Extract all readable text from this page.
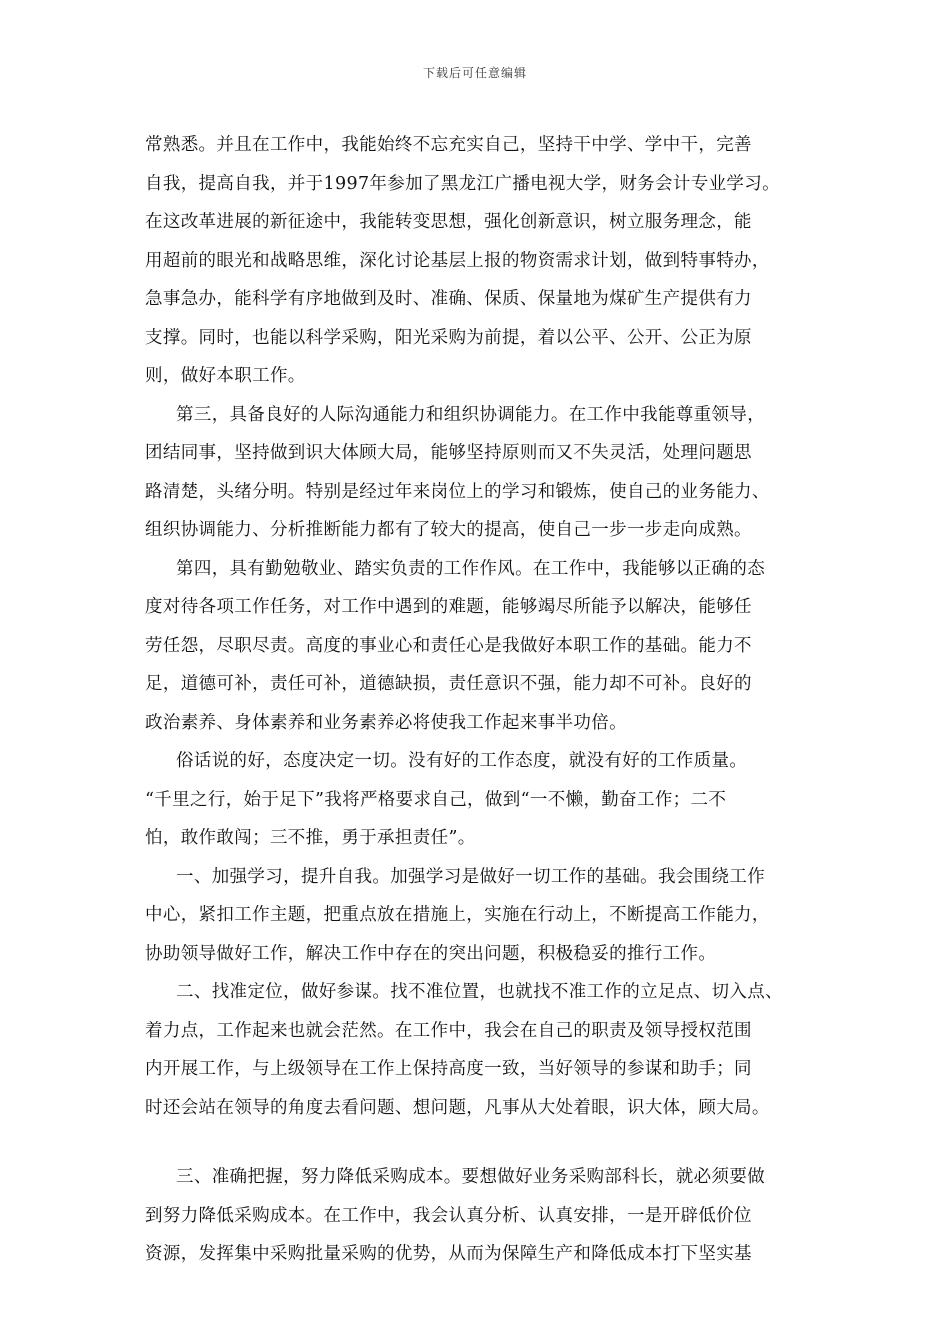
下载后可任意编辑
常熟悉。并且在工作中，我能始终不忘充实自己，坚持干中学、学中干，完善
自我，提高自我，并于1997年参加了黑龙江广播电视大学，财务会计专业学习。
在这改革进展的新征途中，我能转变思想，强化创新意识，树立服务理念，能
用超前的眼光和战略思维，深化讨论基层上报的物资需求计划，做到特事特办，
急事急办，能科学有序地做到及时、准确、保质、保量地为煤矿生产提供有力
支撑。同时，也能以科学采购，阳光采购为前提，着以公平、公开、公正为原
则，做好本职工作。
第三，具备良好的人际沟通能力和组织协调能力。在工作中我能尊重领导，
团结同事，坚持做到识大体顾大局，能够坚持原则而又不失灵活，处理问题思
路清楚，头绪分明。特别是经过年来岗位上的学习和锻炼，使自己的业务能力、
组织协调能力、分析推断能力都有了较大的提高，使自己一步一步走向成熟。
第四，具有勤勉敬业、踏实负责的工作作风。在工作中，我能够以正确的态
度对待各项工作任务，对工作中遇到的难题，能够竭尽所能予以解决，能够任
劳任怨，尽职尽责。高度的事业心和责任心是我做好本职工作的基础。能力不
足，道德可补，责任可补，道德缺损，责任意识不强，能力却不可补。良好的
政治素养、身体素养和业务素养必将使我工作起来事半功倍。
俗话说的好，态度决定一切。没有好的工作态度，就没有好的工作质量。
“千里之行，始于足下”我将严格要求自己，做到“一不懒，勤奋工作；二不
怕，敢作敢闯；三不推，勇于承担责任”。
一、加强学习，提升自我。加强学习是做好一切工作的基础。我会围绕工作
中心，紧扣工作主题，把重点放在措施上，实施在行动上，不断提高工作能力，
协助领导做好工作，解决工作中存在的突出问题，积极稳妥的推行工作。
二、找准定位，做好参谋。找不准位置，也就找不准工作的立足点、切入点、
着力点，工作起来也就会茫然。在工作中，我会在自己的职责及领导授权范围
内开展工作，与上级领导在工作上保持高度一致，当好领导的参谋和助手；同
时还会站在领导的角度去看问题、想问题，凡事从大处着眼，识大体，顾大局。
三、准确把握，努力降低采购成本。要想做好业务采购部科长，就必须要做
到努力降低采购成本。在工作中，我会认真分析、认真安排，一是开辟低价位
资源，发挥集中采购批量采购的优势，从而为保障生产和降低成本打下坚实基
